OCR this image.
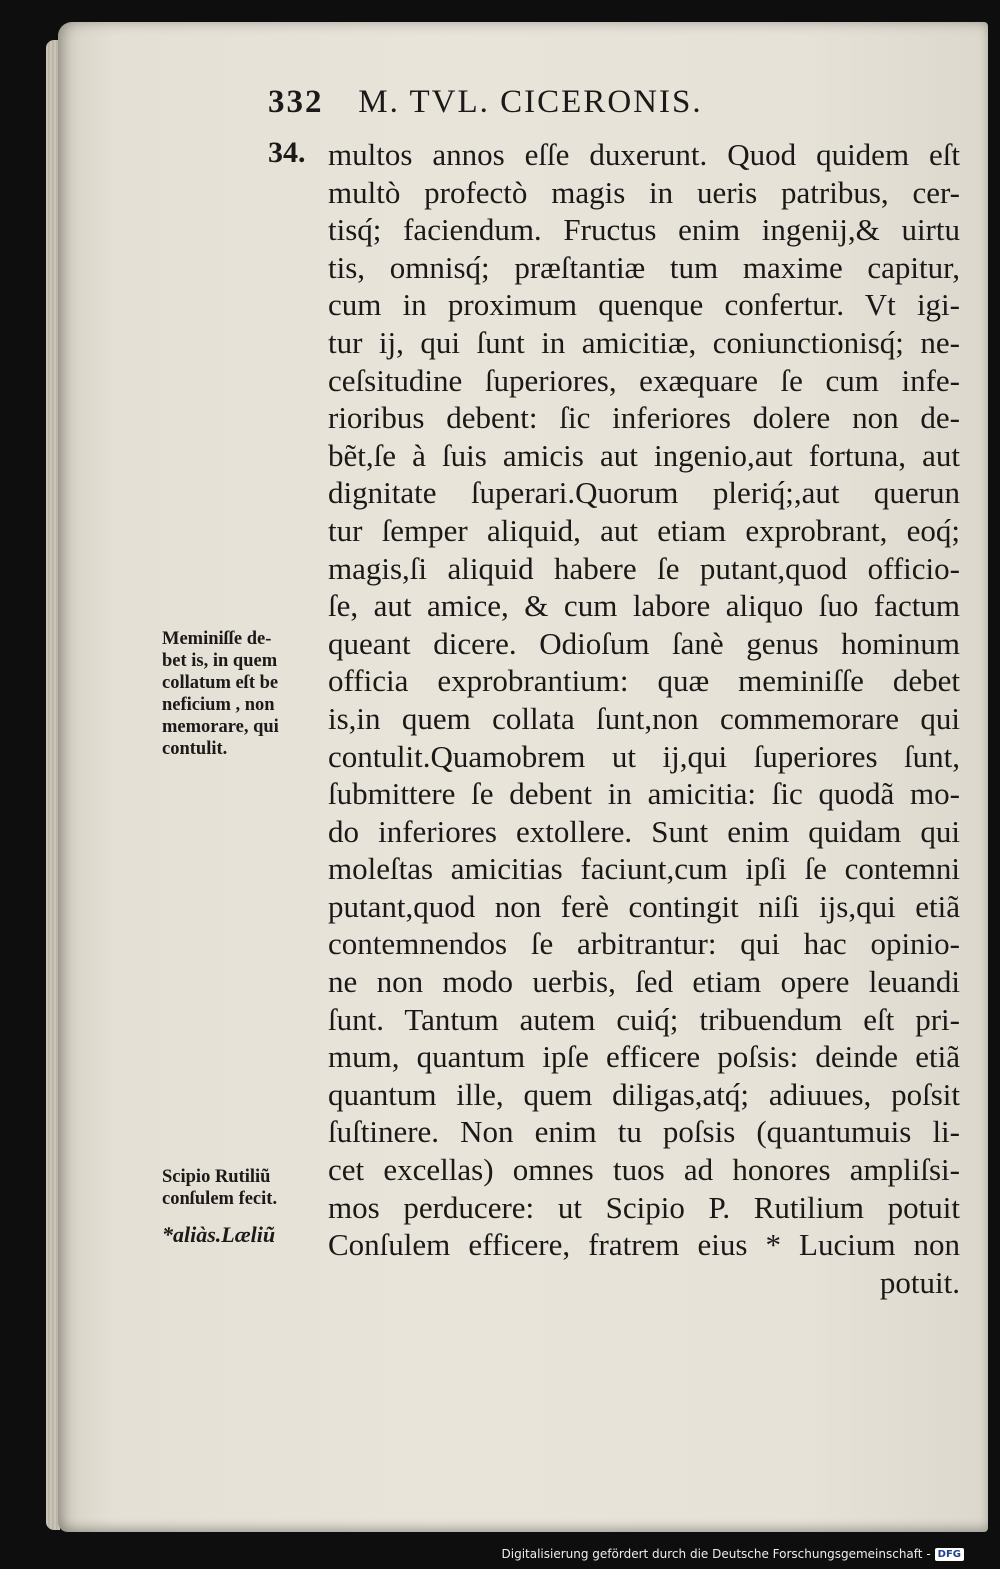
332 M. TVL. CICERONIS.
34. multos annos eſſe duxerunt. Quod quidem eſt
multò profectò magis in ueris patribus, cer-
tisq́; faciendum. Fructus enim ingenij,& uirtu
tis, omnisq́; præſtantiæ tum maxime capitur,
cum in proximum quenque confertur. Vt igi-
tur ij, qui ſunt in amicitiæ, coniunctionisq́; ne-
ceſsitudine ſuperiores, exæquare ſe cum infe-
rioribus debent: ſic inferiores dolere non de-
bẽt,ſe à ſuis amicis aut ingenio,aut fortuna, aut
dignitate ſuperari.Quorum pleriq́;,aut querun
tur ſemper aliquid, aut etiam exprobrant, eoq́;
magis,ſi aliquid habere ſe putant,quod officio-
ſe, aut amice, & cum labore aliquo ſuo factum
queant dicere. Odioſum ſanè genus hominum
officia exprobrantium: quæ meminiſſe debet
is,in quem collata ſunt,non commemorare qui
contulit.Quamobrem ut ij,qui ſuperiores ſunt,
ſubmittere ſe debent in amicitia: ſic quodã mo-
do inferiores extollere. Sunt enim quidam qui
moleſtas amicitias faciunt,cum ipſi ſe contemni
putant,quod non ferè contingit niſi ijs,qui etiã
contemnendos ſe arbitrantur: qui hac opinio-
ne non modo uerbis, ſed etiam opere leuandi
ſunt. Tantum autem cuiq́; tribuendum eſt pri-
mum, quantum ipſe efficere poſsis: deinde etiã
quantum ille, quem diligas,atq́; adiuues, poſsit
ſuſtinere. Non enim tu poſsis (quantumuis li-
cet excellas) omnes tuos ad honores ampliſsi-
mos perducere: ut Scipio P. Rutilium potuit
Conſulem efficere, fratrem eius * Lucium non
potuit.
Meminiſſe de-
bet is, in quem
collatum eſt be
neficium , non
memorare, qui
contulit.
Scipio Rutiliũ
conſulem fecit.
*aliàs.Læliũ
Digitalisierung gefördert durch die Deutsche Forschungsgemeinschaft - DFG
